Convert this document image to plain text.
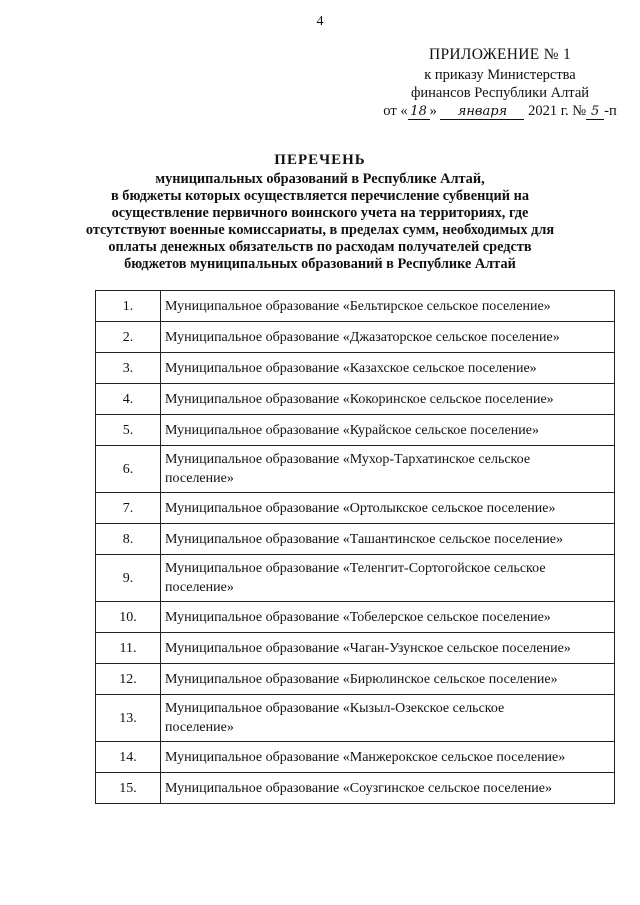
4
ПРИЛОЖЕНИЕ № 1
к приказу Министерства
финансов Республики Алтай
от « 18 » января 2021 г. № 5 -п
ПЕРЕЧЕНЬ
муниципальных образований в Республике Алтай,
в бюджеты которых осуществляется перечисление субвенций на
осуществление первичного воинского учета на территориях, где
отсутствуют военные комиссариаты, в пределах сумм, необходимых для
оплаты денежных обязательств по расходам получателей средств
бюджетов муниципальных образований в Республике Алтай
1.	Муниципальное образование «Бельтирское сельское поселение»
2.	Муниципальное образование «Джазаторское сельское поселение»
3.	Муниципальное образование «Казахское сельское поселение»
4.	Муниципальное образование «Кокоринское сельское поселение»
5.	Муниципальное образование «Курайское сельское поселение»
6.	Муниципальное образование «Мухор-Тархатинское сельское
поселение»
7.	Муниципальное образование «Ортолыкское сельское поселение»
8.	Муниципальное образование «Ташантинское сельское поселение»
9.	Муниципальное образование «Теленгит-Сортогойское сельское
поселение»
10.	Муниципальное образование «Тобелерское сельское поселение»
11.	Муниципальное образование «Чаган-Узунское сельское поселение»
12.	Муниципальное образование «Бирюлинское сельское поселение»
13.	Муниципальное образование «Кызыл-Озекское сельское
поселение»
14.	Муниципальное образование «Манжерокское сельское поселение»
15.	Муниципальное образование «Соузгинское сельское поселение»
